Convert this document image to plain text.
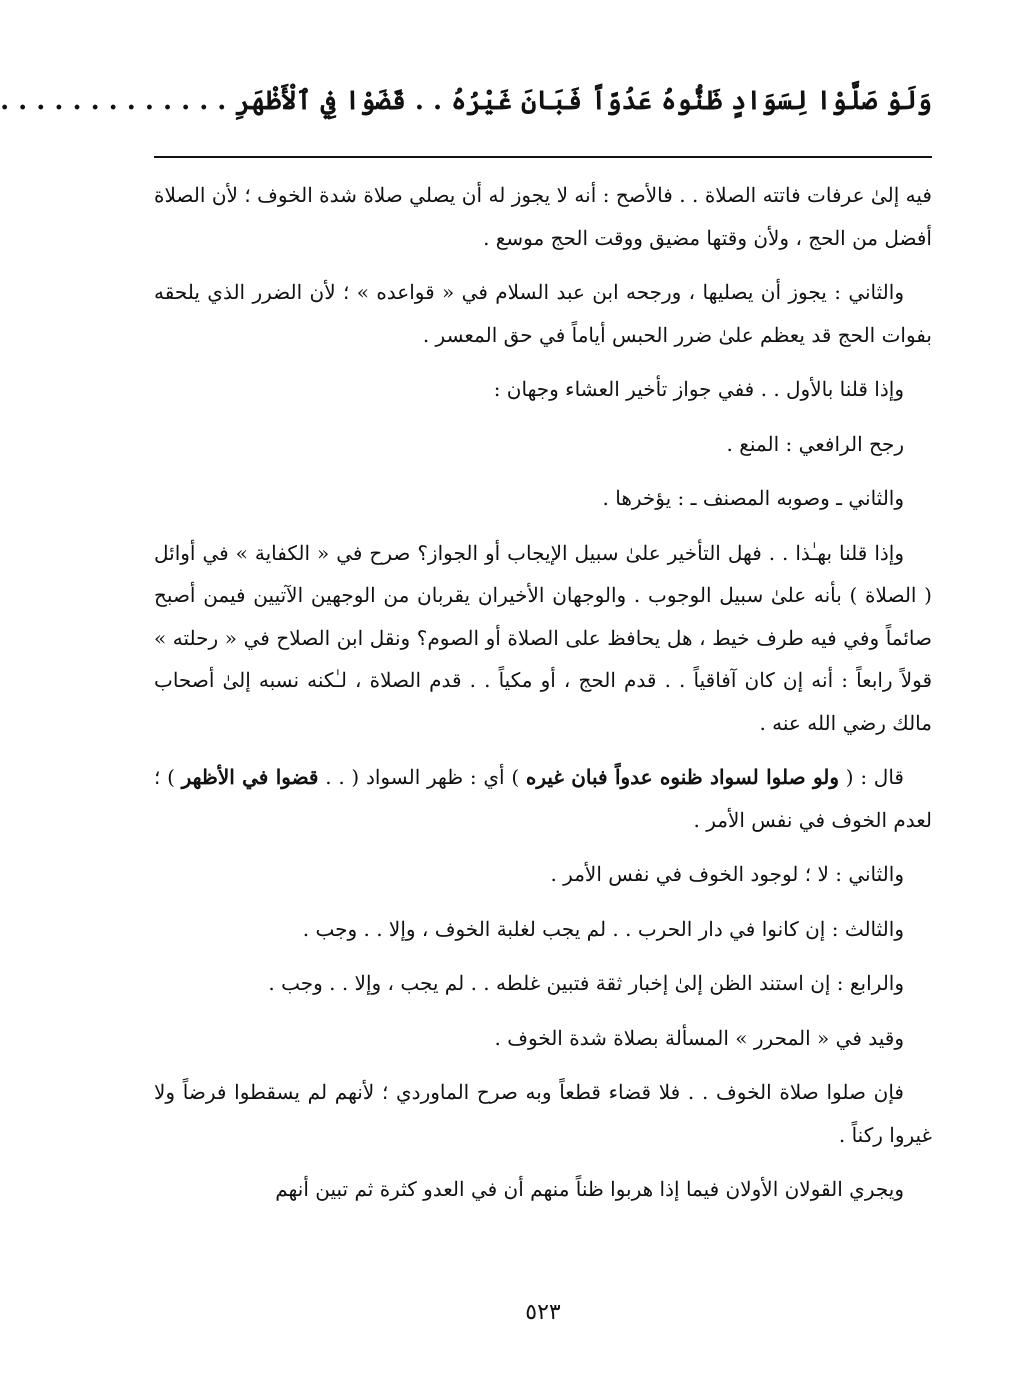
وَلَوْ صَلَّوْا لِسَوَادٍ ظَنُّوهُ عَدُوّاً فَبَانَ غَيْرُهُ . . قَضَوْا فِي ٱلْأَظْهَرِ . . . . . . . . . . . . .

فيه إلىٰ عرفات فاتته الصلاة . . فالأصح : أنه لا يجوز له أن يصلي صلاة شدة الخوف ؛ لأن الصلاة أفضل من الحج ، ولأن وقتها مضيق ووقت الحج موسع .

والثاني : يجوز أن يصليها ، ورجحه ابن عبد السلام في « قواعده » ؛ لأن الضرر الذي يلحقه بفوات الحج قد يعظم علىٰ ضرر الحبس أياماً في حق المعسر .

وإذا قلنا بالأول . . ففي جواز تأخير العشاء وجهان :

رجح الرافعي : المنع .

والثاني ـ وصوبه المصنف ـ : يؤخرها .

وإذا قلنا بهـٰذا . . فهل التأخير علىٰ سبيل الإيجاب أو الجواز؟ صرح في « الكفاية » في أوائل ( الصلاة ) بأنه علىٰ سبيل الوجوب . والوجهان الأخيران يقربان من الوجهين الآتيين فيمن أصبح صائماً وفي فيه طرف خيط ، هل يحافظ على الصلاة أو الصوم؟ ونقل ابن الصلاح في « رحلته » قولاً رابعاً : أنه إن كان آفاقياً . . قدم الحج ، أو مكياً . . قدم الصلاة ، لـٰكنه نسبه إلىٰ أصحاب مالك رضي الله عنه .

قال : ( ولو صلوا لسواد ظنوه عدواً فبان غيره ) أي : ظهر السواد ( . . قضوا في الأظهر ) ؛ لعدم الخوف في نفس الأمر .

والثاني : لا ؛ لوجود الخوف في نفس الأمر .

والثالث : إن كانوا في دار الحرب . . لم يجب لغلبة الخوف ، وإلا . . وجب .

والرابع : إن استند الظن إلىٰ إخبار ثقة فتبين غلطه . . لم يجب ، وإلا . . وجب .

وقيد في « المحرر » المسألة بصلاة شدة الخوف .

فإن صلوا صلاة الخوف . . فلا قضاء قطعاً وبه صرح الماوردي ؛ لأنهم لم يسقطوا فرضاً ولا غيروا ركناً .

ويجري القولان الأولان فيما إذا هربوا ظناً منهم أن في العدو كثرة ثم تبين أنهم

٥٢٣
